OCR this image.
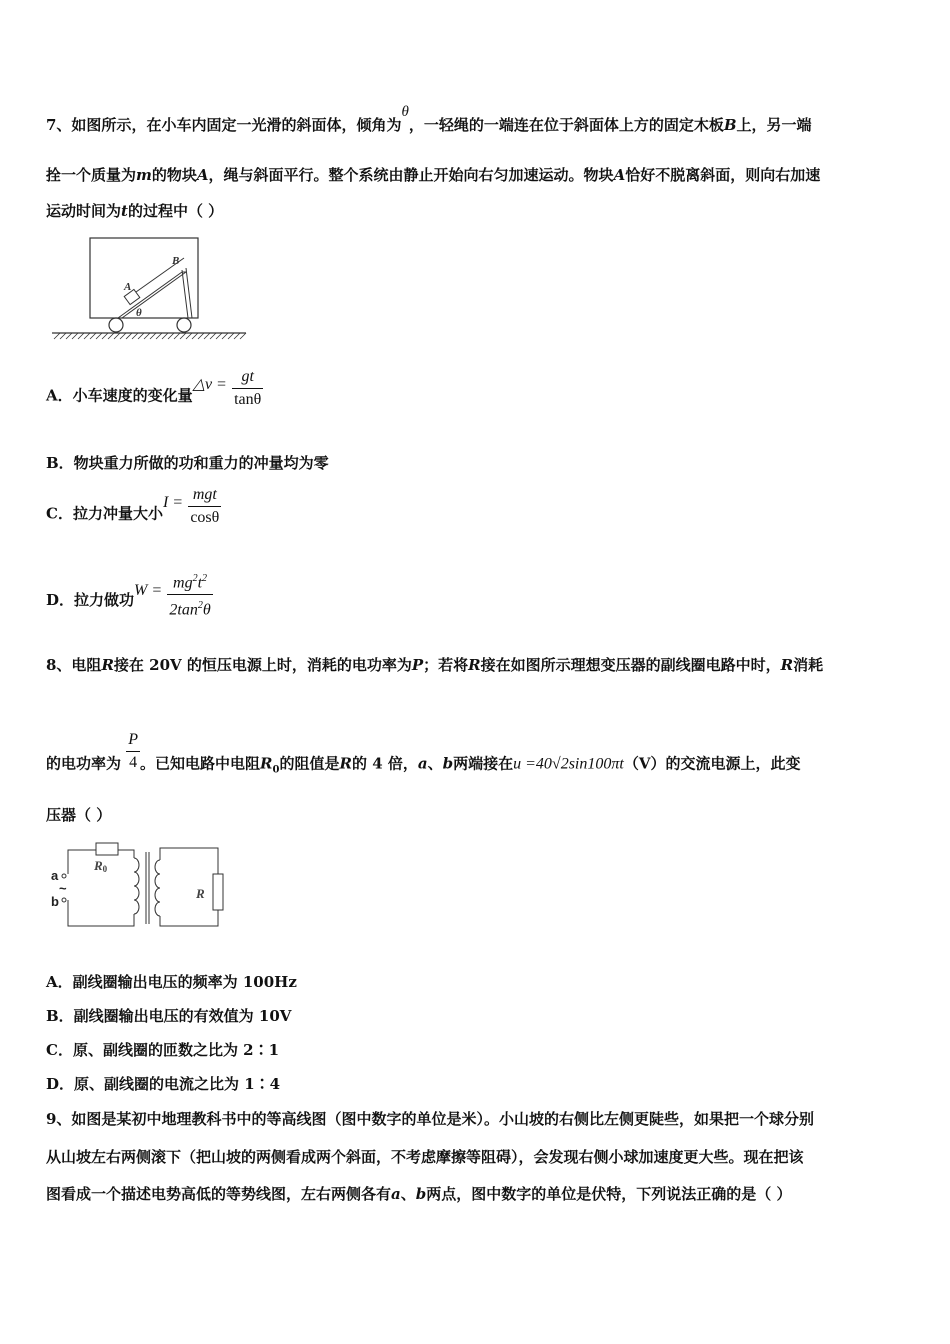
7、如图所示，在小车内固定一光滑的斜面体，倾角为θ，一轻绳的一端连在位于斜面体上方的固定木板B上，另一端
拴一个质量为m的物块A，绳与斜面平行。整个系统由静止开始向右匀加速运动。物块A恰好不脱离斜面，则向右加速
运动时间为t的过程中（ ）
A
B
θ
A．小车速度的变化量△v = $\frac{gt}{\tan\theta}$
B．物块重力所做的功和重力的冲量均为零
C．拉力冲量大小$I = \frac{\text{mgt}}{\cos\theta}$
D．拉力做功$W = \frac{mg^2t^2}{2\tan^2\theta}$
8、电阻R接在 20V 的恒压电源上时，消耗的电功率为P；若将R接在如图所示理想变压器的副线圈电路中时，R消耗
的电功率为 $\frac{P}{4}$ 。已知电路中电阻$R_0$的阻值是R的 4 倍，a、b两端接在u =40√2sin100πt（V）的交流电源上，此变
压器（ ）
a
b
~
R0
R
A．副线圈输出电压的频率为 100Hz
B．副线圈输出电压的有效值为 10V
C．原、副线圈的匝数之比为 2∶1
D．原、副线圈的电流之比为 1∶4
9、如图是某初中地理教科书中的等高线图（图中数字的单位是米）。小山坡的右侧比左侧更陡些，如果把一个球分别
从山坡左右两侧滚下（把山坡的两侧看成两个斜面，不考虑摩擦等阻碍），会发现右侧小球加速度更大些。现在把该
图看成一个描述电势高低的等势线图，左右两侧各有a、b两点，图中数字的单位是伏特，下列说法正确的是（ ）
